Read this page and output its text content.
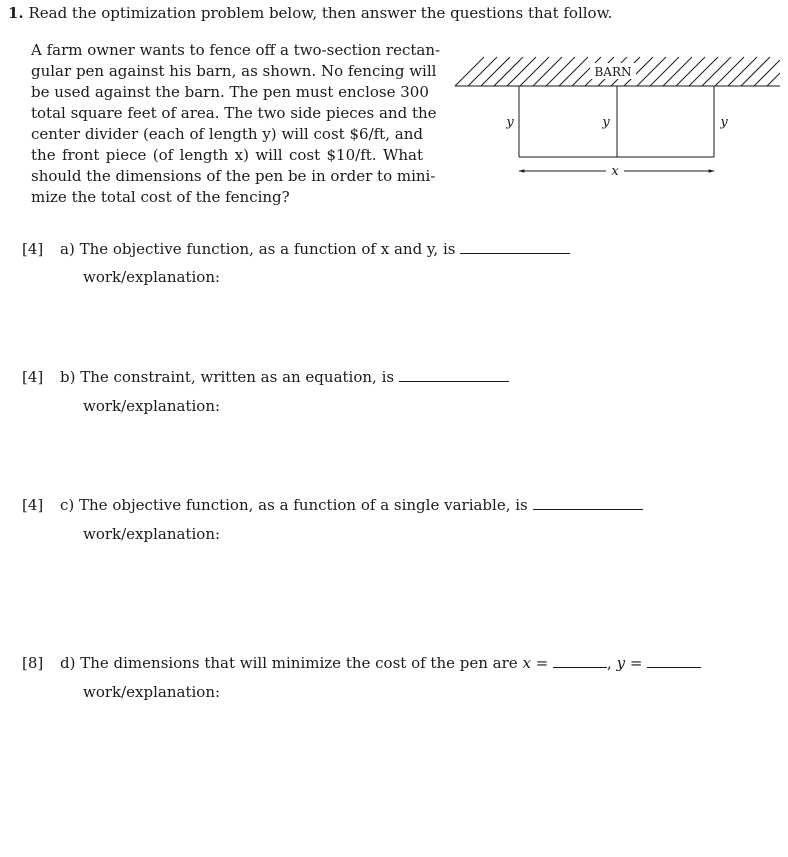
1. Read the optimization problem below, then answer the questions that follow.
A farm owner wants to fence off a two-section rectan-
gular pen against his barn, as shown. No fencing will
be used against the barn. The pen must enclose 300
total square feet of area. The two side pieces and the
center divider (each of length y) will cost $6/ft, and
the front piece (of length x) will cost $10/ft. What
should the dimensions of the pen be in order to mini-
mize the total cost of the fencing?
BARN
y	y	y
x
[4] a) The objective function, as a function of x and y, is
work/explanation:
[4] b) The constraint, written as an equation, is
work/explanation:
[4] c) The objective function, as a function of a single variable, is
work/explanation:
[8] d) The dimensions that will minimize the cost of the pen are x =	, y =
work/explanation:
